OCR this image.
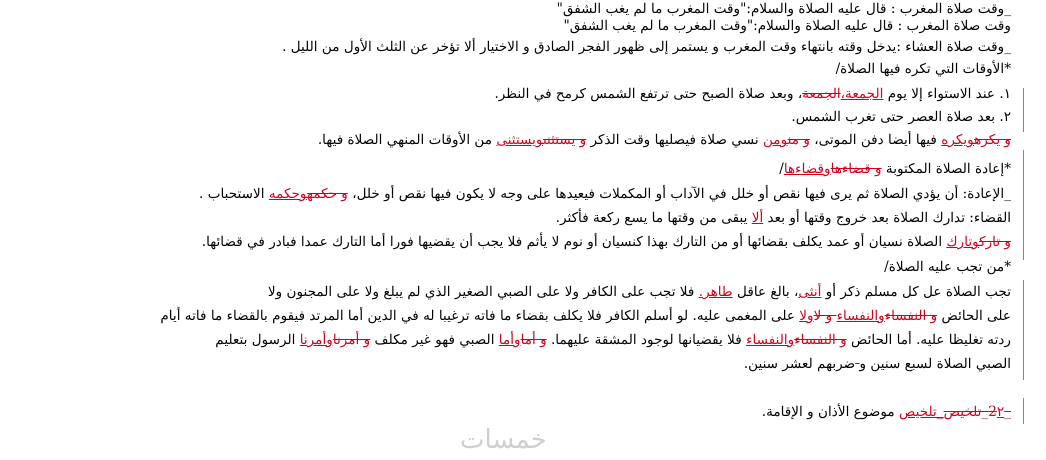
_وقت صلاة المغرب : قال عليه الصلاة والسلام:"وقت المغرب ما لم يغب الشفق"
وقت صلاة المغرب : قال عليه الصلاة والسلام:"وقت المغرب ما لم يغب الشفق"
_وقت صلاة العشاء :يدخل وقته بانتهاء وقت المغرب و يستمر إلى ظهور الفجر الصادق و الاختيار ألا تؤخر عن الثلث الأول من الليل .
*الأوقات التي تكره فيها الصلاة/
١. عند الاستواء إلا يوم الجمعة،الجمعة، وبعد صلاة الصبح حتى ترتفع الشمس كرمح في النظر.
٢. بعد صلاة العصر حتى تغرب الشمس.
و يكرهويكره فيها أيضا دفن الموتى، و منومن نسي صلاة فيصليها وقت الذكر و يستثنىويستثنى من الأوقات المنهي الصلاة فيها.
*إعادة الصلاة المكتوبة و قضاءهاوقضاءها/
_الإعادة: أن يؤدي الصلاة ثم يرى فيها نقص أو خلل في الآداب أو المكملات فيعيدها على وجه لا يكون فيها نقص أو خلل، و حكمهوحكمه الاستحباب .
القضاء: تدارك الصلاة بعد خروج وقتها أو بعد ألا يبقى من وقتها ما يسع ركعة فأكثر.
و تاركوتارك الصلاة نسيان أو عمد يكلف بقضائها أو من التارك بهذا كنسيان أو نوم لا يأثم فلا يجب أن يقضيها فورا أما التارك عمدا فبادر في قضائها.
*من تجب عليه الصلاة/
تجب الصلاة عل كل مسلم ذكر أو أنثى، بالغ عاقل طاهر. فلا تجب على الكافر ولا على الصبي الصغير الذي لم يبلغ ولا على المجنون ولا
على الحائض و النفساءوالنفساء و لاولا على المغمى عليه. لو أسلم الكافر فلا يكلف بقضاء ما فاته ترغيبا له في الدين أما المرتد فيقوم بالقضاء ما فاته أيام
ردته تغليظا عليه. أما الحائض و النفساءوالنفساء فلا يقضيانها لوجود المشقة عليهما. و أماوأما الصبي فهو غير مكلف و أمرناوأمرنا الرسول بتعليم
الصبي الصلاة لسبع سنين و ضربهم لعشر سنين.
_2٢_تلخيص_تلخيص موضوع الأذان و الإقامة.
خمسات
